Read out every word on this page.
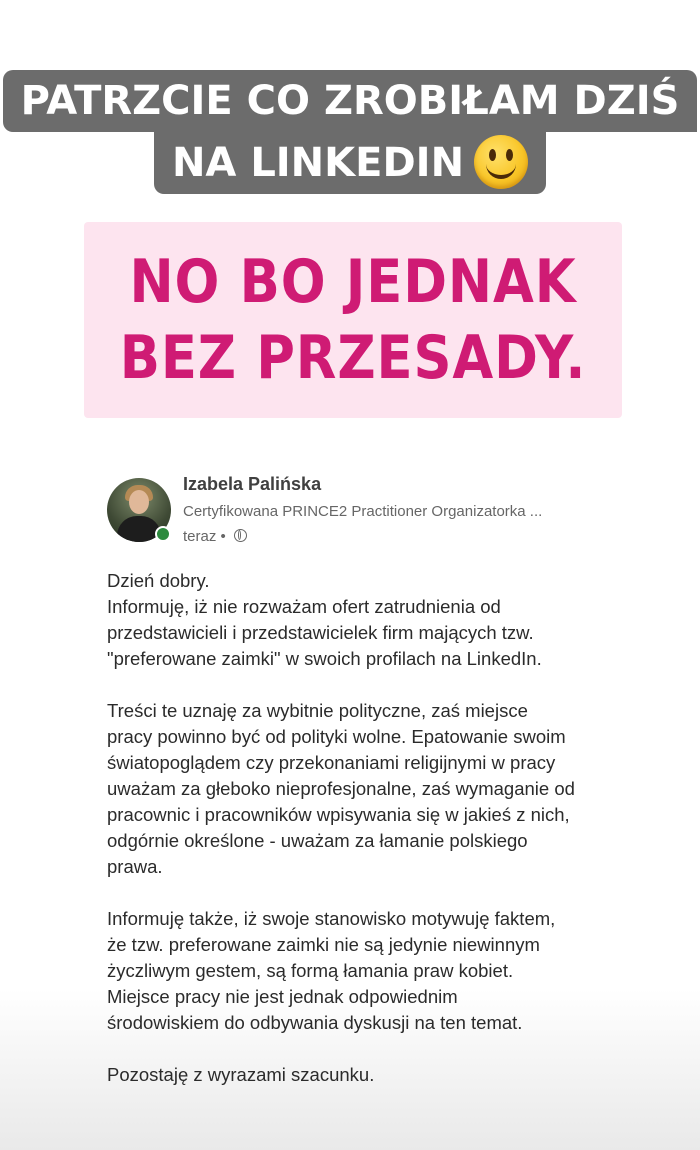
PATRZCIE CO ZROBIŁAM DZIŚ
NA LINKEDIN
NO BO JEDNAK
BEZ PRZESADY.
Izabela Palińska
Certyfikowana PRINCE2 Practitioner Organizatorka ...
teraz •

Dzień dobry.
Informuję, iż nie rozważam ofert zatrudnienia od
przedstawicieli i przedstawicielek firm mających tzw.
"preferowane zaimki" w swoich profilach na LinkedIn.

Treści te uznaję za wybitnie polityczne, zaś miejsce
pracy powinno być od polityki wolne. Epatowanie swoim
światopoglądem czy przekonaniami religijnymi w pracy
uważam za głeboko nieprofesjonalne, zaś wymaganie od
pracownic i pracowników wpisywania się w jakieś z nich,
odgórnie określone - uważam za łamanie polskiego
prawa.

Informuję także, iż swoje stanowisko motywuję faktem,
że tzw. preferowane zaimki nie są jedynie niewinnym
życzliwym gestem, są formą łamania praw kobiet.
Miejsce pracy nie jest jednak odpowiednim
środowiskiem do odbywania dyskusji na ten temat.

Pozostaję z wyrazami szacunku.
